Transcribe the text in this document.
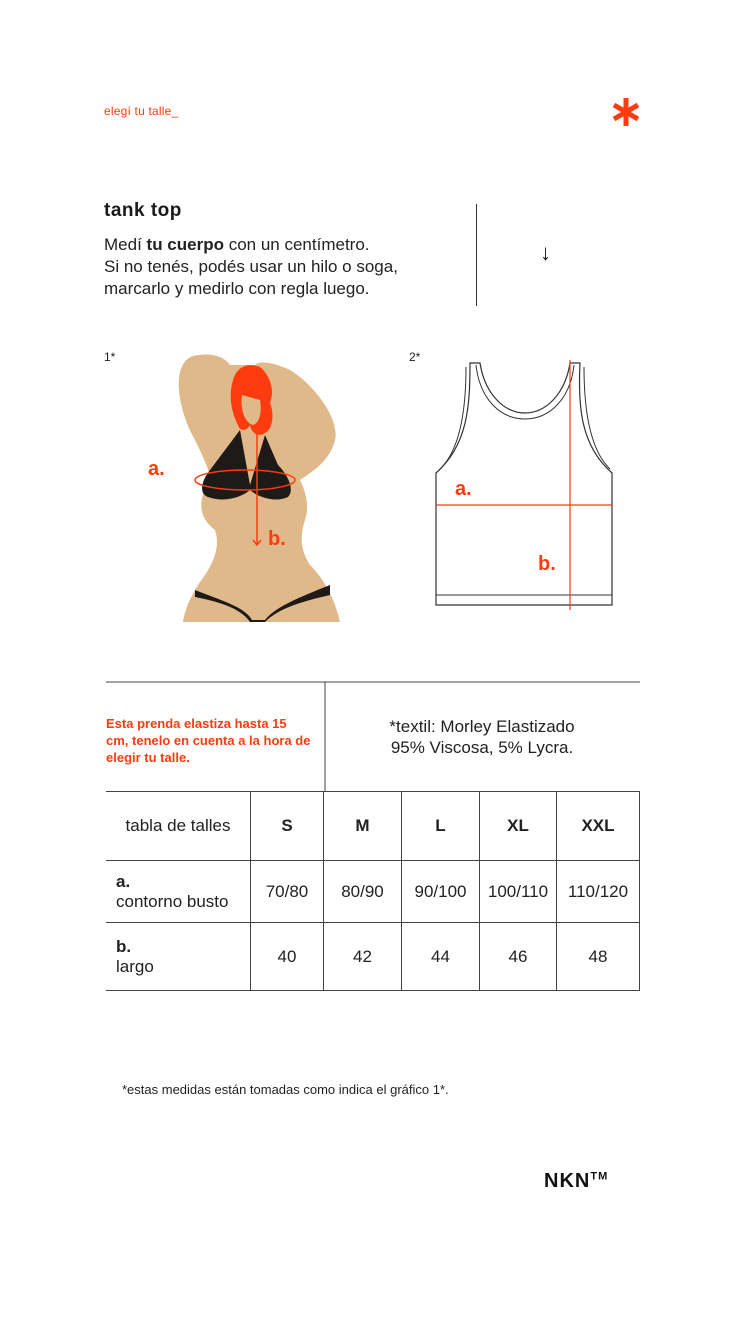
elegí tu talle_
tank top
Medí tu cuerpo con un centímetro.
Si no tenés, podés usar un hilo o soga,
marcarlo y medirlo con regla luego.
↓
1*	2*
a.
b.
a.
b.
Esta prenda elastiza hasta 15 cm, tenelo en cuenta a la hora de elegir tu talle.
*textil: Morley Elastizado
95% Viscosa, 5% Lycra.
tabla de talles	S	M	L	XL	XXL

a.
contorno busto	70/80	80/90	90/100	100/110	110/120

b.
largo	40	42	44	46	48
*estas medidas están tomadas como indica el gráfico 1*.
NKN™
